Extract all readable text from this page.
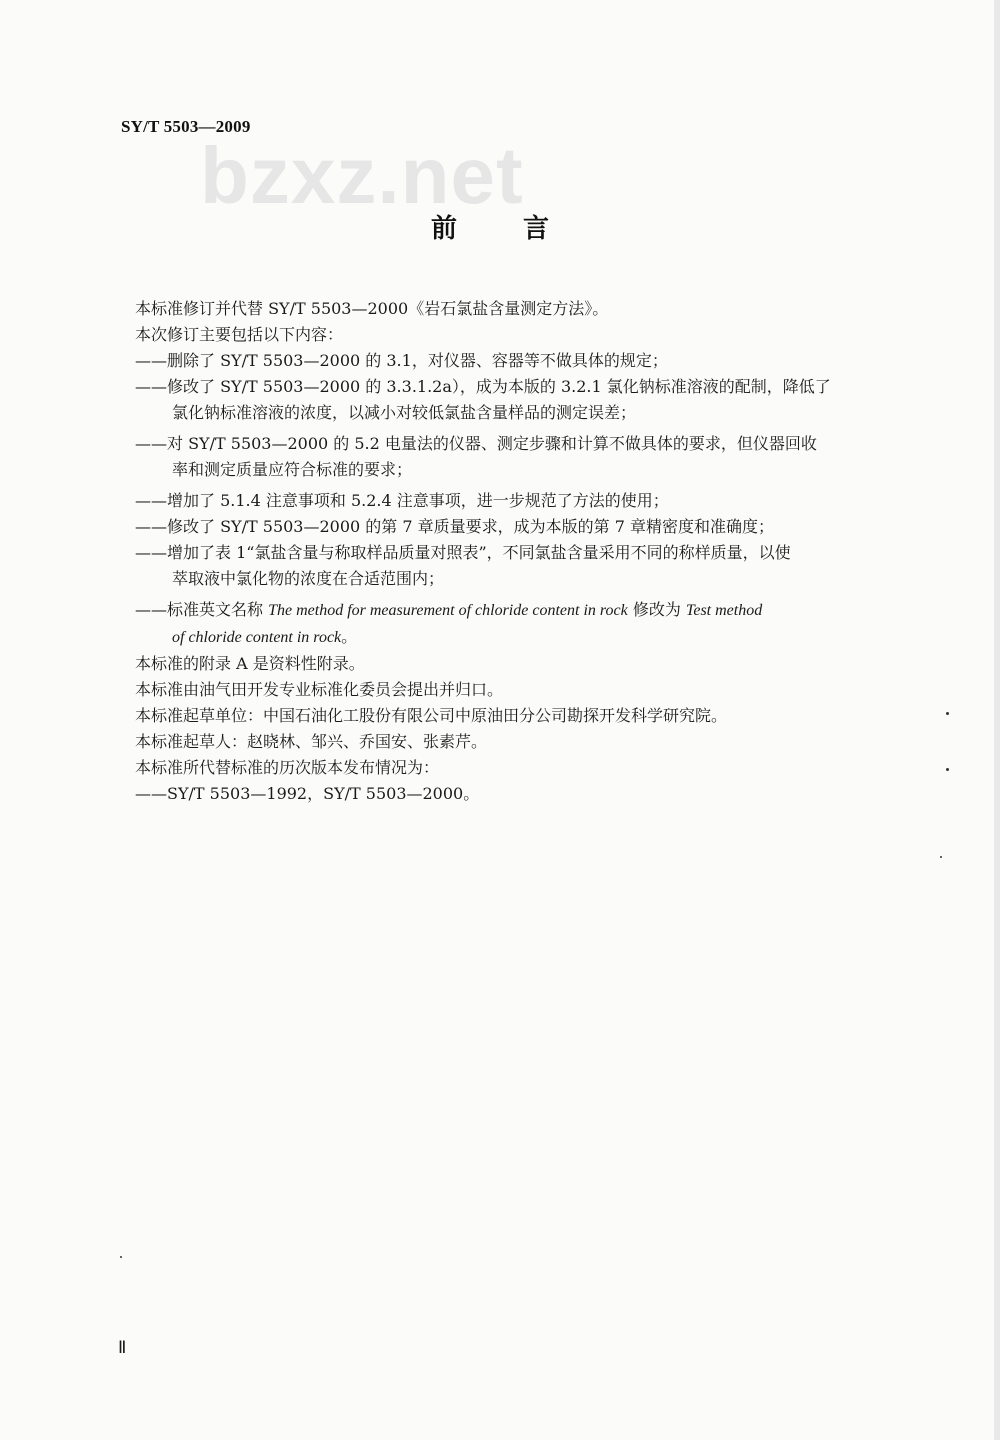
SY/T 5503—2009
bzxz.net
前　言

本标准修订并代替 SY/T 5503—2000《岩石氯盐含量测定方法》。

本次修订主要包括以下内容：

——删除了 SY/T 5503—2000 的 3.1，对仪器、容器等不做具体的规定；

——修改了 SY/T 5503—2000 的 3.3.1.2a），成为本版的 3.2.1 氯化钠标准溶液的配制，降低了
氯化钠标准溶液的浓度，以减小对较低氯盐含量样品的测定误差；
——对 SY/T 5503—2000 的 5.2 电量法的仪器、测定步骤和计算不做具体的要求，但仪器回收
率和测定质量应符合标准的要求；
——增加了 5.1.4 注意事项和 5.2.4 注意事项，进一步规范了方法的使用；
——修改了 SY/T 5503—2000 的第 7 章质量要求，成为本版的第 7 章精密度和准确度；
——增加了表 1“氯盐含量与称取样品质量对照表”，不同氯盐含量采用不同的称样质量，以使
萃取液中氯化物的浓度在合适范围内；
——标准英文名称 The method for measurement of chloride content in rock 修改为 Test method
of chloride content in rock。

本标准的附录 A 是资料性附录。

本标准由油气田开发专业标准化委员会提出并归口。

本标准起草单位：中国石油化工股份有限公司中原油田分公司勘探开发科学研究院。

本标准起草人：赵晓林、邹兴、乔国安、张素芹。

本标准所代替标准的历次版本发布情况为：

——SY/T 5503—1992，SY/T 5503—2000。

Ⅱ
